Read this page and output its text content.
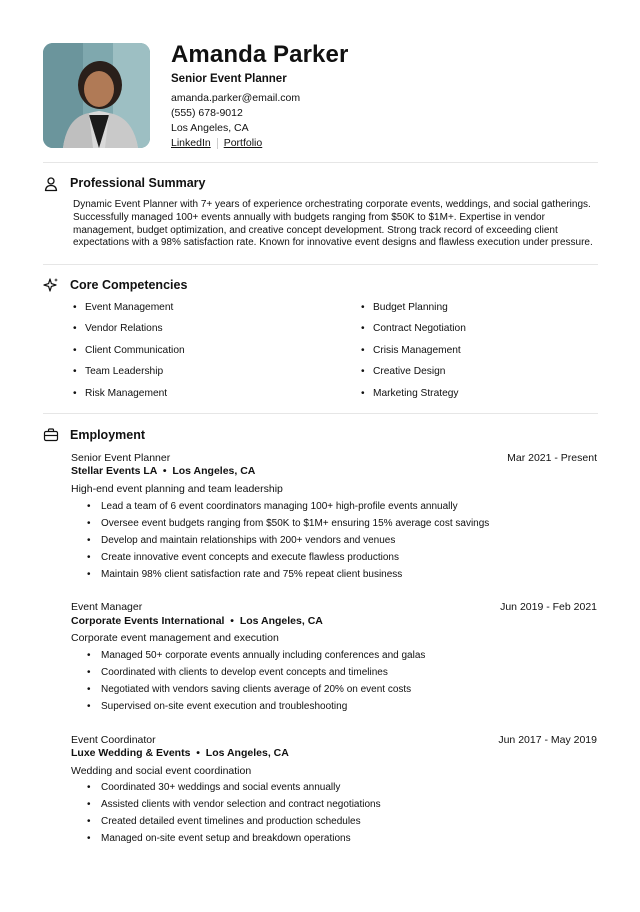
Amanda Parker
Senior Event Planner
amanda.parker@email.com
(555) 678-9012
Los Angeles, CA
LinkedIn Portfolio
Professional Summary
Dynamic Event Planner with 7+ years of experience orchestrating corporate events, weddings, and social gatherings. Successfully managed 100+ events annually with budgets ranging from $50K to $1M+. Expertise in vendor management, budget optimization, and creative concept development. Strong track record of exceeding client expectations with a 98% satisfaction rate. Known for innovative event designs and flawless execution under pressure.
Core Competencies
• Event Management
• Vendor Relations
• Client Communication
• Team Leadership
• Risk Management
• Budget Planning
• Contract Negotiation
• Crisis Management
• Creative Design
• Marketing Strategy
Employment
Senior Event Planner	Mar 2021 - Present
Stellar Events LA  •  Los Angeles, CA
High-end event planning and team leadership
• Lead a team of 6 event coordinators managing 100+ high-profile events annually
• Oversee event budgets ranging from $50K to $1M+ ensuring 15% average cost savings
• Develop and maintain relationships with 200+ vendors and venues
• Create innovative event concepts and execute flawless productions
• Maintain 98% client satisfaction rate and 75% repeat client business
Event Manager	Jun 2019 - Feb 2021
Corporate Events International  •  Los Angeles, CA
Corporate event management and execution
• Managed 50+ corporate events annually including conferences and galas
• Coordinated with clients to develop event concepts and timelines
• Negotiated with vendors saving clients average of 20% on event costs
• Supervised on-site event execution and troubleshooting
Event Coordinator	Jun 2017 - May 2019
Luxe Wedding & Events  •  Los Angeles, CA
Wedding and social event coordination
• Coordinated 30+ weddings and social events annually
• Assisted clients with vendor selection and contract negotiations
• Created detailed event timelines and production schedules
• Managed on-site event setup and breakdown operations
